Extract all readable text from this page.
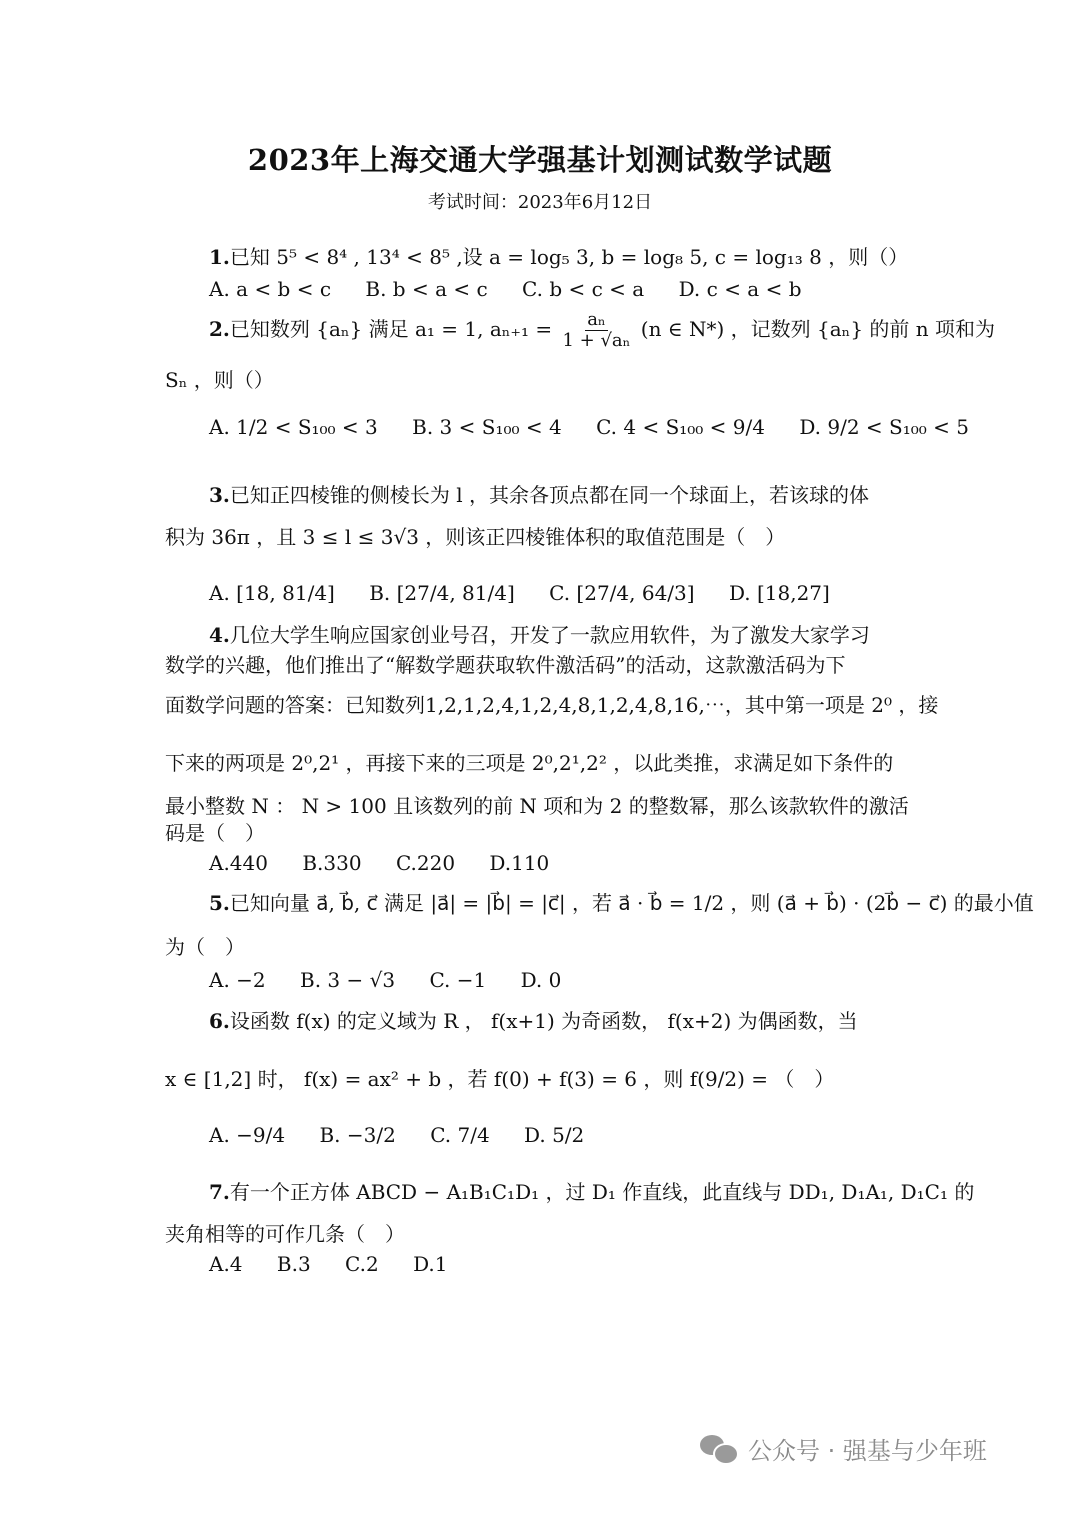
2023年上海交通大学强基计划测试数学试题
考试时间：2023年6月12日
1.已知 5⁵ < 8⁴ , 13⁴ < 8⁵ ,设 a = log₅ 3, b = log₈ 5, c = log₁₃ 8 ，则（）
A. a < b < c B. b < a < c C. b < c < a D. c < a < b
2.已知数列 {aₙ} 满足 a₁ = 1, $a_{n+1} = \frac{\text{aₙ}}{\text{1 + √aₙ}} (n$ ∈ N*) ，记数列 {aₙ} 的前 n 项和为
Sₙ ，则（）
A. 1/2 < S₁₀₀ < 3 B. 3 < S₁₀₀ < 4 C. 4 < S₁₀₀ < 9/4 D. 9/2 < S₁₀₀ < 5
3.已知正四棱锥的侧棱长为 l ，其余各顶点都在同一个球面上，若该球的体
积为 36π ，且 3 ≤ l ≤ 3√3 ，则该正四棱锥体积的取值范围是（　）
A. [18, 81/4] B. [27/4, 81/4] C. [27/4, 64/3] D. [18,27]
4.几位大学生响应国家创业号召，开发了一款应用软件，为了激发大家学习
数学的兴趣，他们推出了“解数学题获取软件激活码”的活动，这款激活码为下
面数学问题的答案：已知数列1,2,1,2,4,1,2,4,8,1,2,4,8,16,⋯，其中第一项是 2⁰ ，接
下来的两项是 2⁰,2¹ ，再接下来的三项是 2⁰,2¹,2² ，以此类推，求满足如下条件的
最小整数 N ： N > 100 且该数列的前 N 项和为 2 的整数幂，那么该款软件的激活
码是（　）
A.440 B.330 C.220 D.110
5.已知向量 a⃗, b⃗, c⃗ 满足 |a⃗| = |b⃗| = |c⃗| ，若 a⃗ · b⃗ = 1/2 ，则 (a⃗ + b⃗) · (2b⃗ − c⃗) 的最小值
为（　）
A. −2 B. 3 − √3 C. −1 D. 0
6.设函数 f(x) 的定义域为 R ， f(x+1) 为奇函数， f(x+2) 为偶函数，当
x ∈ [1,2] 时， f(x) = ax² + b ，若 f(0) + f(3) = 6 ，则 f(9/2) = （　）
A. −9/4 B. −3/2 C. 7/4 D. 5/2
7.有一个正方体 ABCD − A₁B₁C₁D₁ ，过 D₁ 作直线，此直线与 DD₁, D₁A₁, D₁C₁ 的
夹角相等的可作几条（　）
A.4 B.3 C.2 D.1
公众号 · 强基与少年班
